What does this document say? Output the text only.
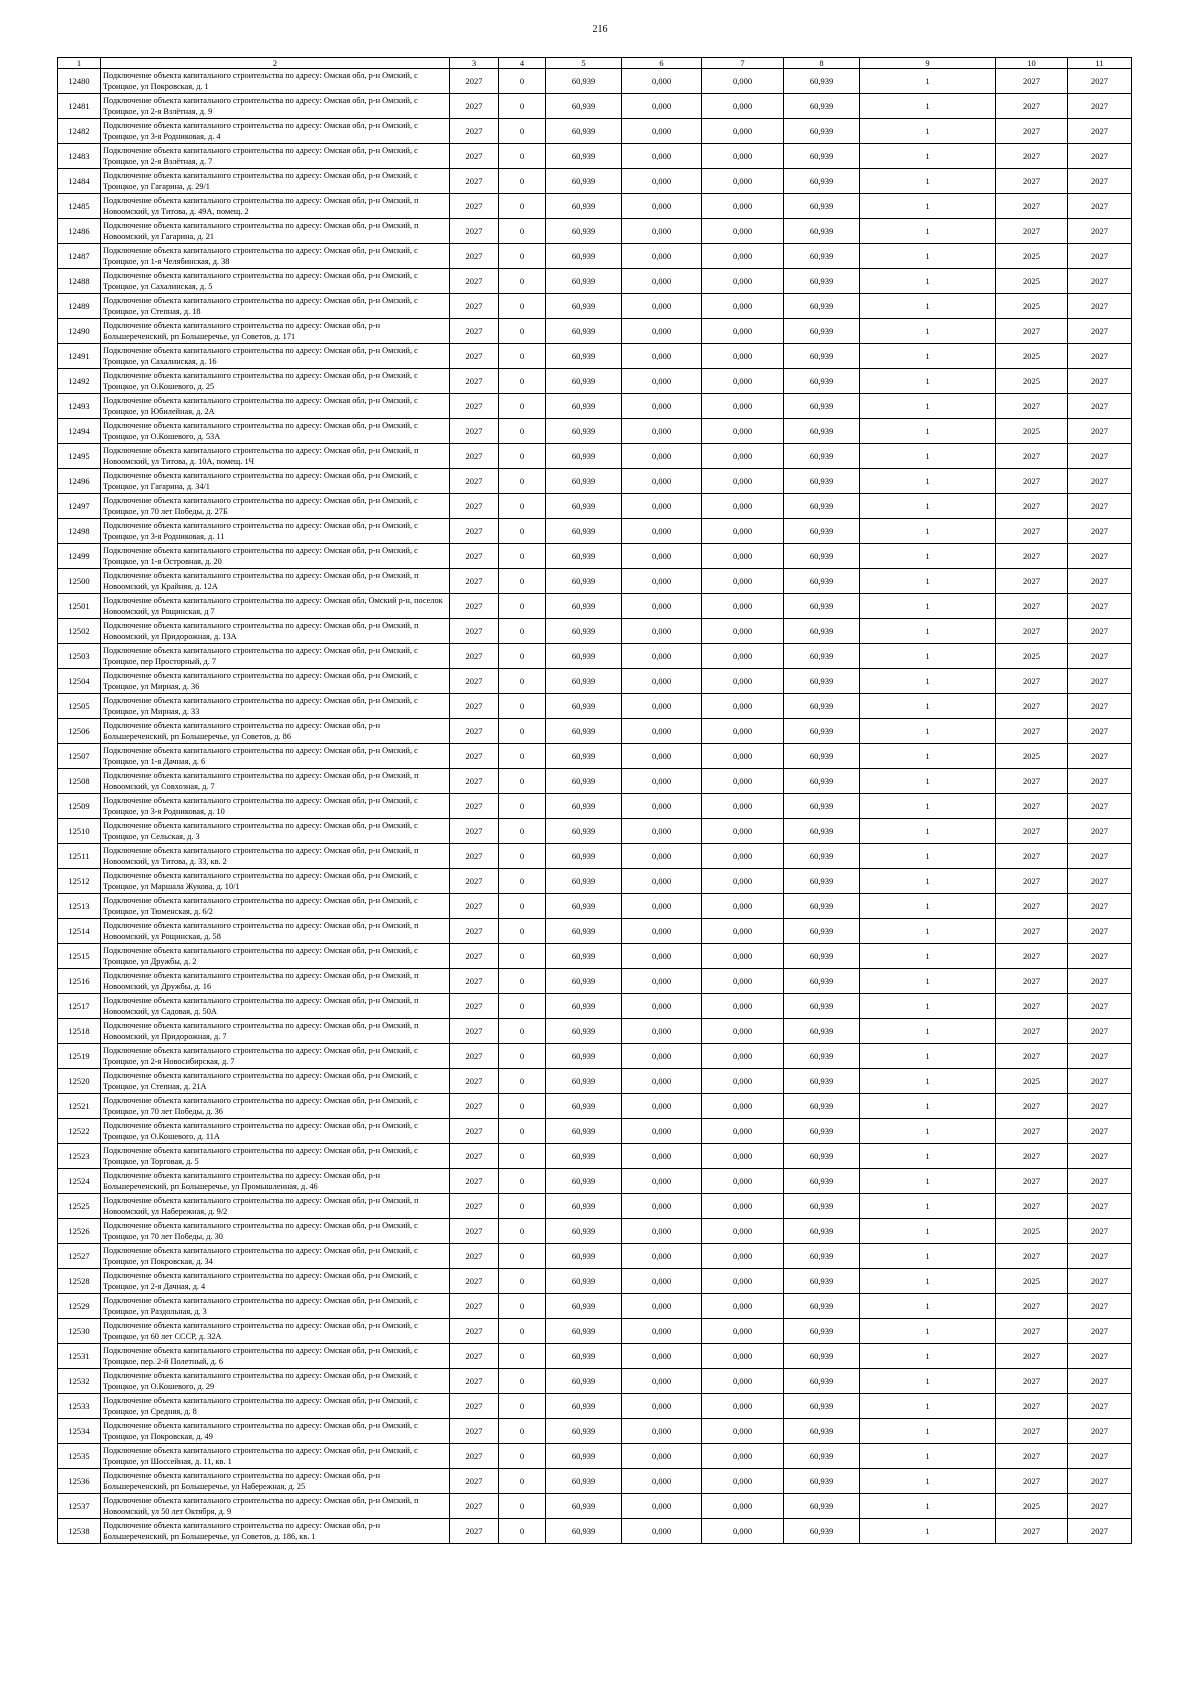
216
1	2	3	4	5	6	7	8	9	10	11
12480	Подключение объекта капитального строительства по адресу: Омская обл, р-н Омский, с Троицкое, ул Покровская, д. 1	2027	0	60,939	0,000	0,000	60,939	1	2027	2027
12481	Подключение объекта капитального строительства по адресу: Омская обл, р-н Омский, с Троицкое, ул 2-я Взлётная, д. 9	2027	0	60,939	0,000	0,000	60,939	1	2027	2027
12482	Подключение объекта капитального строительства по адресу: Омская обл, р-н Омский, с Троицкое, ул 3-я Родниковая, д. 4	2027	0	60,939	0,000	0,000	60,939	1	2027	2027
12483	Подключение объекта капитального строительства по адресу: Омская обл, р-н Омский, с Троицкое, ул 2-я Взлётная, д. 7	2027	0	60,939	0,000	0,000	60,939	1	2027	2027
12484	Подключение объекта капитального строительства по адресу: Омская обл, р-н Омский, с Троицкое, ул Гагарина, д. 29/1	2027	0	60,939	0,000	0,000	60,939	1	2027	2027
12485	Подключение объекта капитального строительства по адресу: Омская обл, р-н Омский, п Новоомский, ул Титова, д. 49А, помещ. 2	2027	0	60,939	0,000	0,000	60,939	1	2027	2027
12486	Подключение объекта капитального строительства по адресу: Омская обл, р-н Омский, п Новоомский, ул Гагарина, д. 21	2027	0	60,939	0,000	0,000	60,939	1	2027	2027
12487	Подключение объекта капитального строительства по адресу: Омская обл, р-н Омский, с Троицкое, ул 1-я Челябинская, д. 38	2027	0	60,939	0,000	0,000	60,939	1	2025	2027
12488	Подключение объекта капитального строительства по адресу: Омская обл, р-н Омский, с Троицкое, ул Сахалинская, д. 5	2027	0	60,939	0,000	0,000	60,939	1	2025	2027
12489	Подключение объекта капитального строительства по адресу: Омская обл, р-н Омский, с Троицкое, ул Степная, д. 18	2027	0	60,939	0,000	0,000	60,939	1	2025	2027
12490	Подключение объекта капитального строительства по адресу: Омская обл, р-н Большереченский, рп Большеречье, ул Советов, д. 171	2027	0	60,939	0,000	0,000	60,939	1	2027	2027
12491	Подключение объекта капитального строительства по адресу: Омская обл, р-н Омский, с Троицкое, ул Сахалинская, д. 16	2027	0	60,939	0,000	0,000	60,939	1	2025	2027
12492	Подключение объекта капитального строительства по адресу: Омская обл, р-н Омский, с Троицкое, ул О.Кошевого, д. 25	2027	0	60,939	0,000	0,000	60,939	1	2025	2027
12493	Подключение объекта капитального строительства по адресу: Омская обл, р-н Омский, с Троицкое, ул Юбилейная, д. 2А	2027	0	60,939	0,000	0,000	60,939	1	2027	2027
12494	Подключение объекта капитального строительства по адресу: Омская обл, р-н Омский, с Троицкое, ул О.Кошевого, д. 53А	2027	0	60,939	0,000	0,000	60,939	1	2025	2027
12495	Подключение объекта капитального строительства по адресу: Омская обл, р-н Омский, п Новоомский, ул Титова, д. 10А, помещ. 1Ч	2027	0	60,939	0,000	0,000	60,939	1	2027	2027
12496	Подключение объекта капитального строительства по адресу: Омская обл, р-н Омский, с Троицкое, ул Гагарина, д. 34/1	2027	0	60,939	0,000	0,000	60,939	1	2027	2027
12497	Подключение объекта капитального строительства по адресу: Омская обл, р-н Омский, с Троицкое, ул 70 лет Победы, д. 27Б	2027	0	60,939	0,000	0,000	60,939	1	2027	2027
12498	Подключение объекта капитального строительства по адресу: Омская обл, р-н Омский, с Троицкое, ул 3-я Родниковая, д. 11	2027	0	60,939	0,000	0,000	60,939	1	2027	2027
12499	Подключение объекта капитального строительства по адресу: Омская обл, р-н Омский, с Троицкое, ул 1-я Островная, д. 20	2027	0	60,939	0,000	0,000	60,939	1	2027	2027
12500	Подключение объекта капитального строительства по адресу: Омская обл, р-н Омский, п Новоомский, ул Крайняя, д. 12А	2027	0	60,939	0,000	0,000	60,939	1	2027	2027
12501	Подключение объекта капитального строительства по адресу: Омская обл, Омский р-н, поселок Новоомский, ул Рощинская, д 7	2027	0	60,939	0,000	0,000	60,939	1	2027	2027
12502	Подключение объекта капитального строительства по адресу: Омская обл, р-н Омский, п Новоомский, ул Придорожная, д. 13А	2027	0	60,939	0,000	0,000	60,939	1	2027	2027
12503	Подключение объекта капитального строительства по адресу: Омская обл, р-н Омский, с Троицкое, пер Просторный, д. 7	2027	0	60,939	0,000	0,000	60,939	1	2025	2027
12504	Подключение объекта капитального строительства по адресу: Омская обл, р-н Омский, с Троицкое, ул Мирная, д. 36	2027	0	60,939	0,000	0,000	60,939	1	2027	2027
12505	Подключение объекта капитального строительства по адресу: Омская обл, р-н Омский, с Троицкое, ул Мирная, д. 33	2027	0	60,939	0,000	0,000	60,939	1	2027	2027
12506	Подключение объекта капитального строительства по адресу: Омская обл, р-н Большереченский, рп Большеречье, ул Советов, д. 86	2027	0	60,939	0,000	0,000	60,939	1	2027	2027
12507	Подключение объекта капитального строительства по адресу: Омская обл, р-н Омский, с Троицкое, ул 1-я Дачная, д. 6	2027	0	60,939	0,000	0,000	60,939	1	2025	2027
12508	Подключение объекта капитального строительства по адресу: Омская обл, р-н Омский, п Новоомский, ул Совхозная, д. 7	2027	0	60,939	0,000	0,000	60,939	1	2027	2027
12509	Подключение объекта капитального строительства по адресу: Омская обл, р-н Омский, с Троицкое, ул 3-я Родниковая, д. 10	2027	0	60,939	0,000	0,000	60,939	1	2027	2027
12510	Подключение объекта капитального строительства по адресу: Омская обл, р-н Омский, с Троицкое, ул Сельская, д. 3	2027	0	60,939	0,000	0,000	60,939	1	2027	2027
12511	Подключение объекта капитального строительства по адресу: Омская обл, р-н Омский, п Новоомский, ул Титова, д. 33, кв. 2	2027	0	60,939	0,000	0,000	60,939	1	2027	2027
12512	Подключение объекта капитального строительства по адресу: Омская обл, р-н Омский, с Троицкое, ул Маршала Жукова, д. 10/1	2027	0	60,939	0,000	0,000	60,939	1	2027	2027
12513	Подключение объекта капитального строительства по адресу: Омская обл, р-н Омский, с Троицкое, ул Тюменская, д. 6/2	2027	0	60,939	0,000	0,000	60,939	1	2027	2027
12514	Подключение объекта капитального строительства по адресу: Омская обл, р-н Омский, п Новоомский, ул Рощинская, д. 58	2027	0	60,939	0,000	0,000	60,939	1	2027	2027
12515	Подключение объекта капитального строительства по адресу: Омская обл, р-н Омский, с Троицкое, ул Дружбы, д. 2	2027	0	60,939	0,000	0,000	60,939	1	2027	2027
12516	Подключение объекта капитального строительства по адресу: Омская обл, р-н Омский, п Новоомский, ул Дружбы, д. 16	2027	0	60,939	0,000	0,000	60,939	1	2027	2027
12517	Подключение объекта капитального строительства по адресу: Омская обл, р-н Омский, п Новоомский, ул Садовая, д. 50А	2027	0	60,939	0,000	0,000	60,939	1	2027	2027
12518	Подключение объекта капитального строительства по адресу: Омская обл, р-н Омский, п Новоомский, ул Придорожная, д. 7	2027	0	60,939	0,000	0,000	60,939	1	2027	2027
12519	Подключение объекта капитального строительства по адресу: Омская обл, р-н Омский, с Троицкое, ул 2-я Новосибирская, д. 7	2027	0	60,939	0,000	0,000	60,939	1	2027	2027
12520	Подключение объекта капитального строительства по адресу: Омская обл, р-н Омский, с Троицкое, ул Степная, д. 21А	2027	0	60,939	0,000	0,000	60,939	1	2025	2027
12521	Подключение объекта капитального строительства по адресу: Омская обл, р-н Омский, с Троицкое, ул 70 лет Победы, д. 36	2027	0	60,939	0,000	0,000	60,939	1	2027	2027
12522	Подключение объекта капитального строительства по адресу: Омская обл, р-н Омский, с Троицкое, ул О.Кошевого, д. 11А	2027	0	60,939	0,000	0,000	60,939	1	2027	2027
12523	Подключение объекта капитального строительства по адресу: Омская обл, р-н Омский, с Троицкое, ул Торговая, д. 5	2027	0	60,939	0,000	0,000	60,939	1	2027	2027
12524	Подключение объекта капитального строительства по адресу: Омская обл, р-н Большереченский, рп Большеречье, ул Промышленная, д. 46	2027	0	60,939	0,000	0,000	60,939	1	2027	2027
12525	Подключение объекта капитального строительства по адресу: Омская обл, р-н Омский, п Новоомский, ул Набережная, д. 9/2	2027	0	60,939	0,000	0,000	60,939	1	2027	2027
12526	Подключение объекта капитального строительства по адресу: Омская обл, р-н Омский, с Троицкое, ул 70 лет Победы, д. 30	2027	0	60,939	0,000	0,000	60,939	1	2025	2027
12527	Подключение объекта капитального строительства по адресу: Омская обл, р-н Омский, с Троицкое, ул Покровская, д. 34	2027	0	60,939	0,000	0,000	60,939	1	2027	2027
12528	Подключение объекта капитального строительства по адресу: Омская обл, р-н Омский, с Троицкое, ул 2-я Дачная, д. 4	2027	0	60,939	0,000	0,000	60,939	1	2025	2027
12529	Подключение объекта капитального строительства по адресу: Омская обл, р-н Омский, с Троицкое, ул Раздольная, д. 3	2027	0	60,939	0,000	0,000	60,939	1	2027	2027
12530	Подключение объекта капитального строительства по адресу: Омская обл, р-н Омский, с Троицкое, ул 60 лет СССР, д. 32А	2027	0	60,939	0,000	0,000	60,939	1	2027	2027
12531	Подключение объекта капитального строительства по адресу: Омская обл, р-н Омский, с Троицкое, пер. 2-й Полетный, д. 6	2027	0	60,939	0,000	0,000	60,939	1	2027	2027
12532	Подключение объекта капитального строительства по адресу: Омская обл, р-н Омский, с Троицкое, ул О.Кошевого, д. 29	2027	0	60,939	0,000	0,000	60,939	1	2027	2027
12533	Подключение объекта капитального строительства по адресу: Омская обл, р-н Омский, с Троицкое, ул Средняя, д. 8	2027	0	60,939	0,000	0,000	60,939	1	2027	2027
12534	Подключение объекта капитального строительства по адресу: Омская обл, р-н Омский, с Троицкое, ул Покровская, д. 49	2027	0	60,939	0,000	0,000	60,939	1	2027	2027
12535	Подключение объекта капитального строительства по адресу: Омская обл, р-н Омский, с Троицкое, ул Шоссейная, д. 11, кв. 1	2027	0	60,939	0,000	0,000	60,939	1	2027	2027
12536	Подключение объекта капитального строительства по адресу: Омская обл, р-н Большереченский, рп Большеречье, ул Набережная, д. 25	2027	0	60,939	0,000	0,000	60,939	1	2027	2027
12537	Подключение объекта капитального строительства по адресу: Омская обл, р-н Омский, п Новоомский, ул 50 лет Октября, д. 9	2027	0	60,939	0,000	0,000	60,939	1	2025	2027
12538	Подключение объекта капитального строительства по адресу: Омская обл, р-н Большереченский, рп Большеречье, ул Советов, д. 186, кв. 1	2027	0	60,939	0,000	0,000	60,939	1	2027	2027
